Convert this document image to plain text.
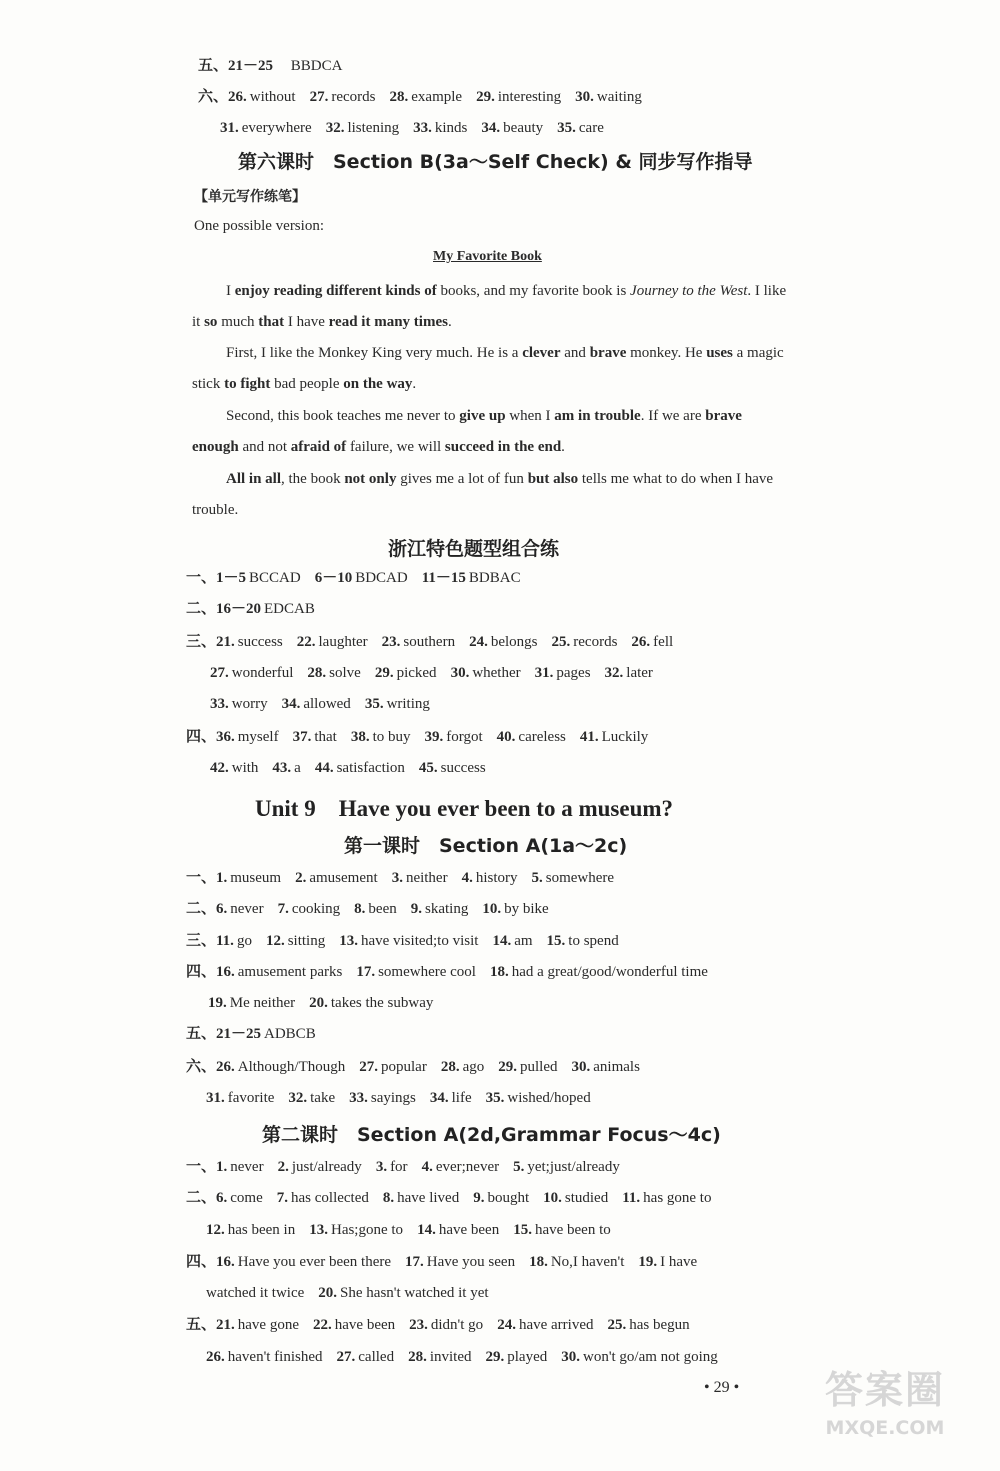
五、21－25 BBDCA
六、26. without 27. records 28. example 29. interesting 30. waiting
31. everywhere 32. listening 33. kinds 34. beauty 35. care
第六课时　Section B(3a～Self Check) & 同步写作指导
【单元写作练笔】
One possible version:
My Favorite Book
I enjoy reading different kinds of books, and my favorite book is Journey to the West. I like it so much that I have read it many times.
First, I like the Monkey King very much. He is a clever and brave monkey. He uses a magic stick to fight bad people on the way.
Second, this book teaches me never to give up when I am in trouble. If we are brave enough and not afraid of failure, we will succeed in the end.
All in all, the book not only gives me a lot of fun but also tells me what to do when I have trouble.
浙江特色题型组合练
一、1－5 BCCAD 6－10 BDCAD 11－15 BDBAC
二、16－20 EDCAB
三、21. success 22. laughter 23. southern 24. belongs 25. records 26. fell
27. wonderful 28. solve 29. picked 30. whether 31. pages 32. later
33. worry 34. allowed 35. writing
四、36. myself 37. that 38. to buy 39. forgot 40. careless 41. Luckily
42. with 43. a 44. satisfaction 45. success
Unit 9　Have you ever been to a museum?
第一课时　Section A(1a～2c)
一、1. museum 2. amusement 3. neither 4. history 5. somewhere
二、6. never 7. cooking 8. been 9. skating 10. by bike
三、11. go 12. sitting 13. have visited;to visit 14. am 15. to spend
四、16. amusement parks 17. somewhere cool 18. had a great/good/wonderful time
19. Me neither 20. takes the subway
五、21－25 ADBCB
六、26. Although/Though 27. popular 28. ago 29. pulled 30. animals
31. favorite 32. take 33. sayings 34. life 35. wished/hoped
第二课时　Section A(2d,Grammar Focus～4c)
一、1. never 2. just/already 3. for 4. ever;never 5. yet;just/already
二、6. come 7. has collected 8. have lived 9. bought 10. studied 11. has gone to
12. has been in 13. Has;gone to 14. have been 15. have been to
四、16. Have you ever been there 17. Have you seen 18. No,I haven't 19. I have
watched it twice 20. She hasn't watched it yet
五、21. have gone 22. have been 23. didn't go 24. have arrived 25. has begun
26. haven't finished 27. called 28. invited 29. played 30. won't go/am not going
• 29 •	答案圈
MXQE.COM
